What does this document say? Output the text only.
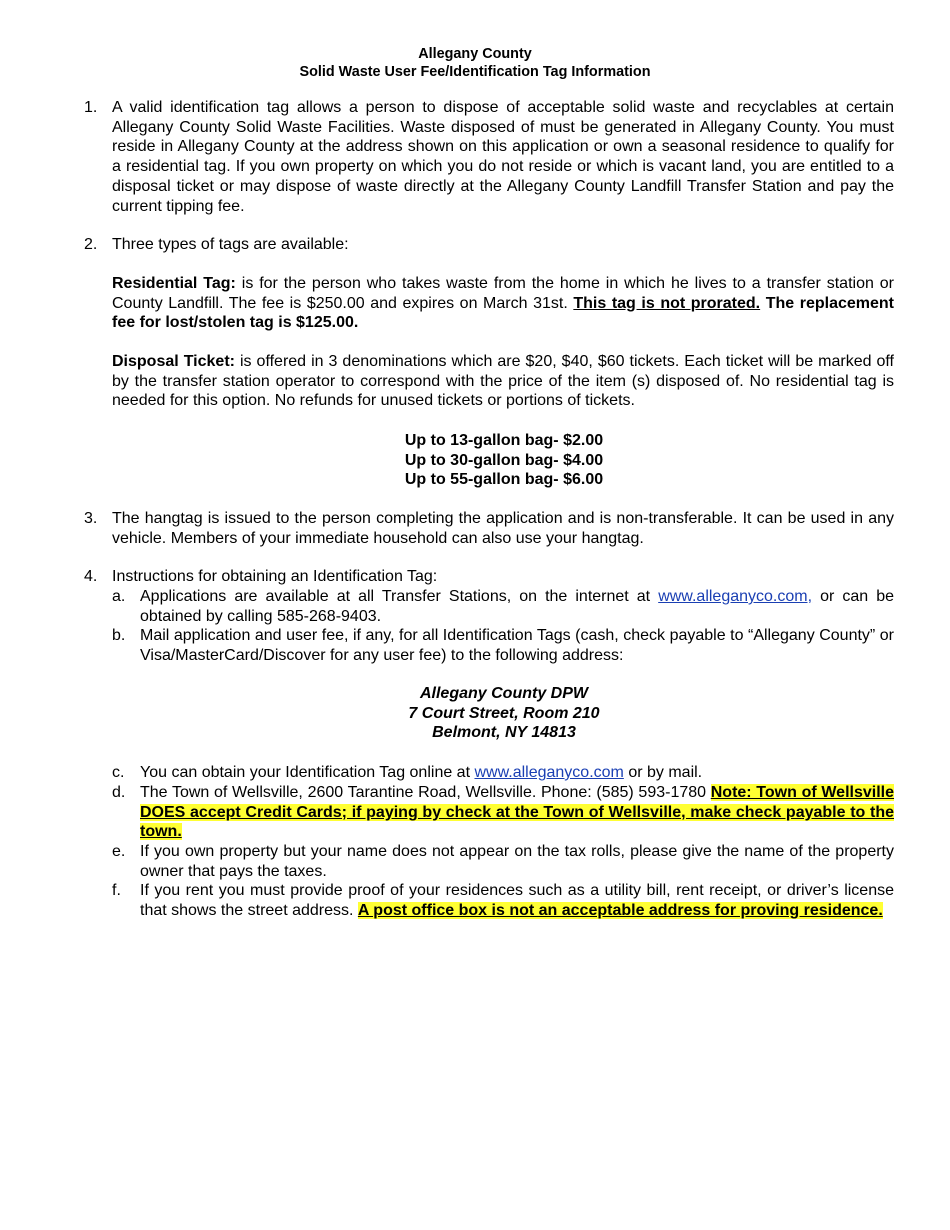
Allegany County
Solid Waste User Fee/Identification Tag Information
1. A valid identification tag allows a person to dispose of acceptable solid waste and recyclables at certain Allegany County Solid Waste Facilities. Waste disposed of must be generated in Allegany County. You must reside in Allegany County at the address shown on this application or own a seasonal residence to qualify for a residential tag. If you own property on which you do not reside or which is vacant land, you are entitled to a disposal ticket or may dispose of waste directly at the Allegany County Landfill Transfer Station and pay the current tipping fee.
2. Three types of tags are available:
Residential Tag: is for the person who takes waste from the home in which he lives to a transfer station or County Landfill. The fee is $250.00 and expires on March 31st. This tag is not prorated. The replacement fee for lost/stolen tag is $125.00.
Disposal Ticket: is offered in 3 denominations which are $20, $40, $60 tickets. Each ticket will be marked off by the transfer station operator to correspond with the price of the item (s) disposed of. No residential tag is needed for this option. No refunds for unused tickets or portions of tickets.
Up to 13-gallon bag- $2.00
Up to 30-gallon bag- $4.00
Up to 55-gallon bag- $6.00
3. The hangtag is issued to the person completing the application and is non-transferable. It can be used in any vehicle. Members of your immediate household can also use your hangtag.
4. Instructions for obtaining an Identification Tag:
a. Applications are available at all Transfer Stations, on the internet at www.alleganyco.com, or can be obtained by calling 585-268-9403.
b. Mail application and user fee, if any, for all Identification Tags (cash, check payable to “Allegany County” or Visa/MasterCard/Discover for any user fee) to the following address:
Allegany County DPW
7 Court Street, Room 210
Belmont, NY 14813
c. You can obtain your Identification Tag online at www.alleganyco.com or by mail.
d. The Town of Wellsville, 2600 Tarantine Road, Wellsville. Phone: (585) 593-1780 Note: Town of Wellsville DOES accept Credit Cards; if paying by check at the Town of Wellsville, make check payable to the town.
e. If you own property but your name does not appear on the tax rolls, please give the name of the property owner that pays the taxes.
f. If you rent you must provide proof of your residences such as a utility bill, rent receipt, or driver’s license that shows the street address. A post office box is not an acceptable address for proving residence.
